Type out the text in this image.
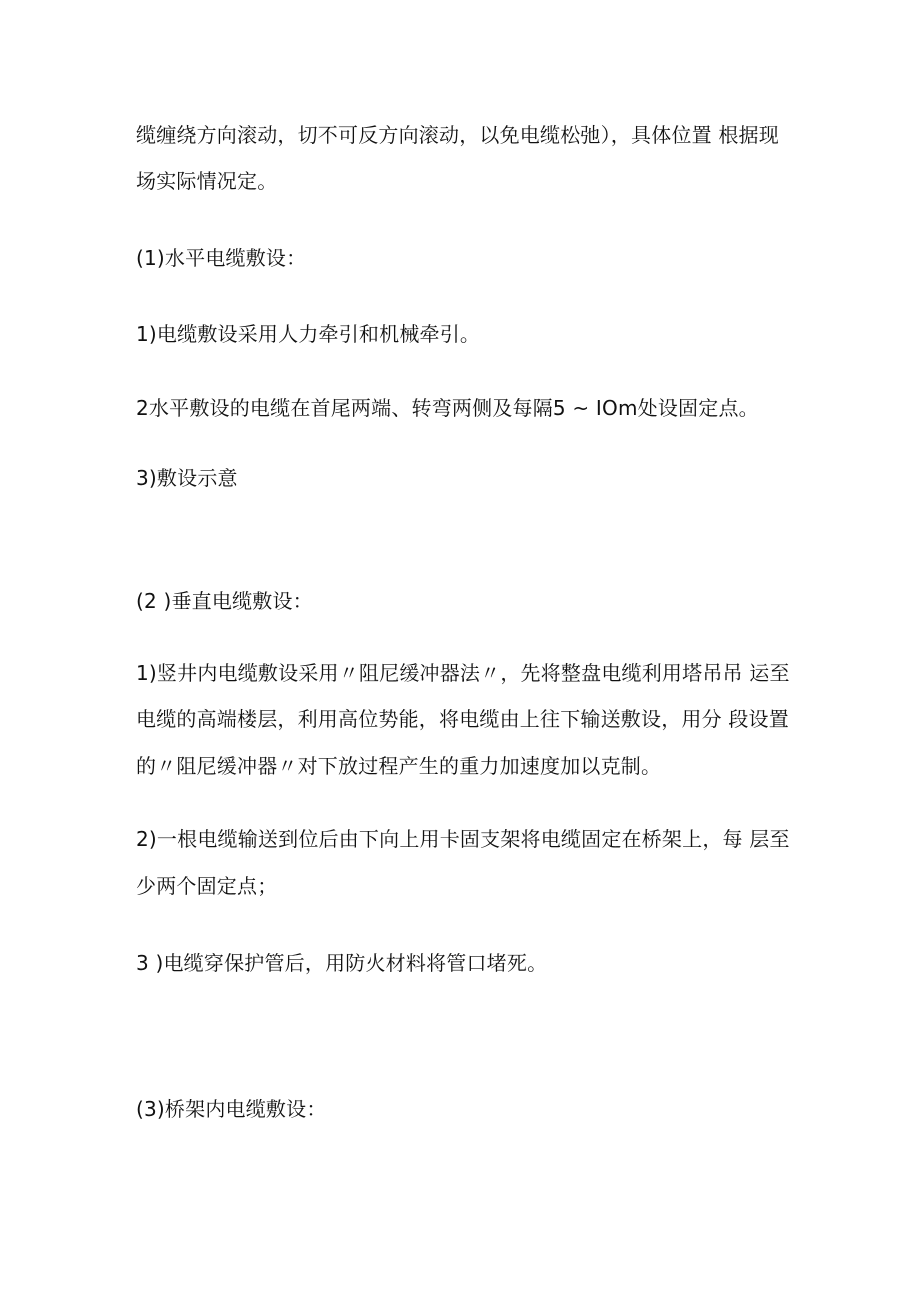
缆缠绕方向滚动，切不可反方向滚动，以免电缆松弛），具体位置 根据现
场实际情况定。
(1)水平电缆敷设：
1)电缆敷设采用人力牵引和机械牵引。
2水平敷设的电缆在首尾两端、转弯两侧及每隔5 ~ IOm处设固定点。
3)敷设示意
(2 )垂直电缆敷设：
1)竖井内电缆敷设采用〃阻尼缓冲器法〃，先将整盘电缆利用塔吊吊 运至
电缆的高端楼层，利用高位势能，将电缆由上往下输送敷设，用分 段设置
的〃阻尼缓冲器〃对下放过程产生的重力加速度加以克制。
2)一根电缆输送到位后由下向上用卡固支架将电缆固定在桥架上，每 层至
少两个固定点；
3 )电缆穿保护管后，用防火材料将管口堵死。
(3)桥架内电缆敷设：
